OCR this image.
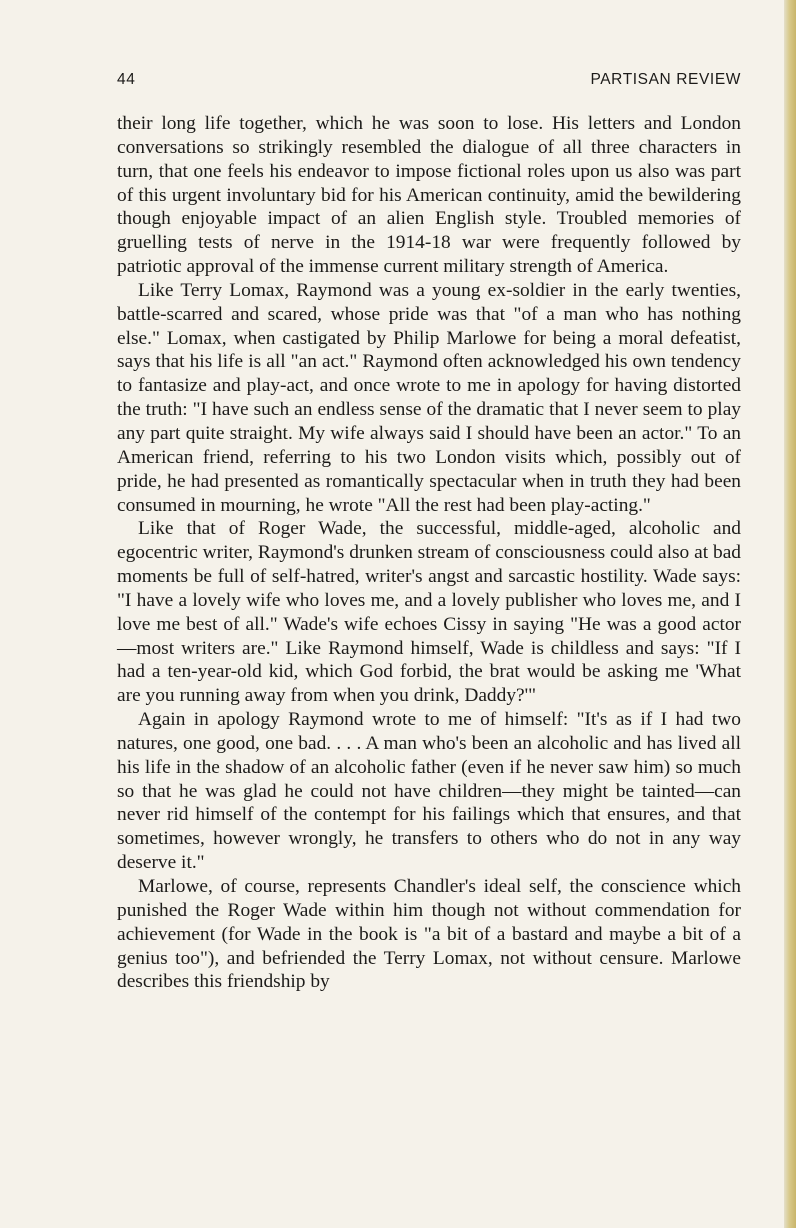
44	PARTISAN REVIEW

their long life together, which he was soon to lose. His letters and London conversations so strikingly resembled the dialogue of all three characters in turn, that one feels his endeavor to impose fictional roles upon us also was part of this urgent involuntary bid for his American continuity, amid the bewildering though enjoyable impact of an alien English style. Troubled memories of gruelling tests of nerve in the 1914-18 war were frequently followed by patriotic approval of the immense current military strength of America.

Like Terry Lomax, Raymond was a young ex-soldier in the early twenties, battle-scarred and scared, whose pride was that "of a man who has nothing else." Lomax, when castigated by Philip Marlowe for being a moral defeatist, says that his life is all "an act." Raymond often acknowledged his own tendency to fantasize and play-act, and once wrote to me in apology for having distorted the truth: "I have such an endless sense of the dramatic that I never seem to play any part quite straight. My wife always said I should have been an actor." To an American friend, referring to his two London visits which, possibly out of pride, he had presented as romantically spectacular when in truth they had been consumed in mourning, he wrote "All the rest had been play-acting."

Like that of Roger Wade, the successful, middle-aged, alcoholic and egocentric writer, Raymond's drunken stream of consciousness could also at bad moments be full of self-hatred, writer's angst and sarcastic hostility. Wade says: "I have a lovely wife who loves me, and a lovely publisher who loves me, and I love me best of all." Wade's wife echoes Cissy in saying "He was a good actor—most writers are." Like Raymond himself, Wade is childless and says: "If I had a ten-year-old kid, which God forbid, the brat would be asking me 'What are you running away from when you drink, Daddy?'"

Again in apology Raymond wrote to me of himself: "It's as if I had two natures, one good, one bad. . . . A man who's been an alcoholic and has lived all his life in the shadow of an alcoholic father (even if he never saw him) so much so that he was glad he could not have children—they might be tainted—can never rid himself of the contempt for his failings which that ensures, and that sometimes, however wrongly, he transfers to others who do not in any way deserve it."

Marlowe, of course, represents Chandler's ideal self, the conscience which punished the Roger Wade within him though not without commendation for achievement (for Wade in the book is "a bit of a bastard and maybe a bit of a genius too"), and befriended the Terry Lomax, not without censure. Marlowe describes this friendship by
